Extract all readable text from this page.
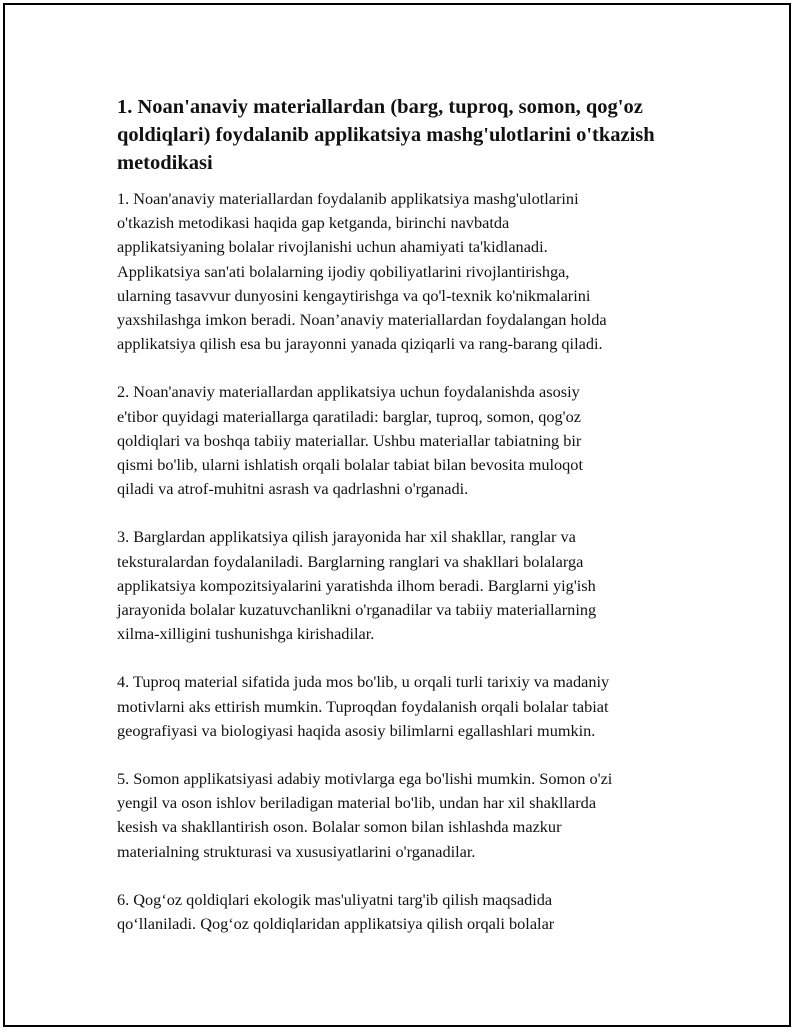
1. Noan'anaviy materiallardan (barg, tuproq, somon, qog'oz qoldiqlari) foydalanib applikatsiya mashg'ulotlarini o'tkazish metodikasi

1. Noan'anaviy materiallardan foydalanib applikatsiya mashg'ulotlarini
o'tkazish metodikasi haqida gap ketganda, birinchi navbatda
applikatsiyaning bolalar rivojlanishi uchun ahamiyati ta'kidlanadi.
Applikatsiya san'ati bolalarning ijodiy qobiliyatlarini rivojlantirishga,
ularning tasavvur dunyosini kengaytirishga va qo'l-texnik ko'nikmalarini
yaxshilashga imkon beradi. Noan’anaviy materiallardan foydalangan holda
applikatsiya qilish esa bu jarayonni yanada qiziqarli va rang-barang qiladi.

2. Noan'anaviy materiallardan applikatsiya uchun foydalanishda asosiy
e'tibor quyidagi materiallarga qaratiladi: barglar, tuproq, somon, qog'oz
qoldiqlari va boshqa tabiiy materiallar. Ushbu materiallar tabiatning bir
qismi bo'lib, ularni ishlatish orqali bolalar tabiat bilan bevosita muloqot
qiladi va atrof-muhitni asrash va qadrlashni o'rganadi.

3. Barglardan applikatsiya qilish jarayonida har xil shakllar, ranglar va
teksturalardan foydalaniladi. Barglarning ranglari va shakllari bolalarga
applikatsiya kompozitsiyalarini yaratishda ilhom beradi. Barglarni yig'ish
jarayonida bolalar kuzatuvchanlikni o'rganadilar va tabiiy materiallarning
xilma-xilligini tushunishga kirishadilar.

4. Tuproq material sifatida juda mos bo'lib, u orqali turli tarixiy va madaniy
motivlarni aks ettirish mumkin. Tuproqdan foydalanish orqali bolalar tabiat
geografiyasi va biologiyasi haqida asosiy bilimlarni egallashlari mumkin.

5. Somon applikatsiyasi adabiy motivlarga ega bo'lishi mumkin. Somon o'zi
yengil va oson ishlov beriladigan material bo'lib, undan har xil shakllarda
kesish va shakllantirish oson. Bolalar somon bilan ishlashda mazkur
materialning strukturasi va xususiyatlarini o'rganadilar.

6. Qog‘oz qoldiqlari ekologik mas'uliyatni targ'ib qilish maqsadida
qo‘llaniladi. Qog‘oz qoldiqlaridan applikatsiya qilish orqali bolalar
